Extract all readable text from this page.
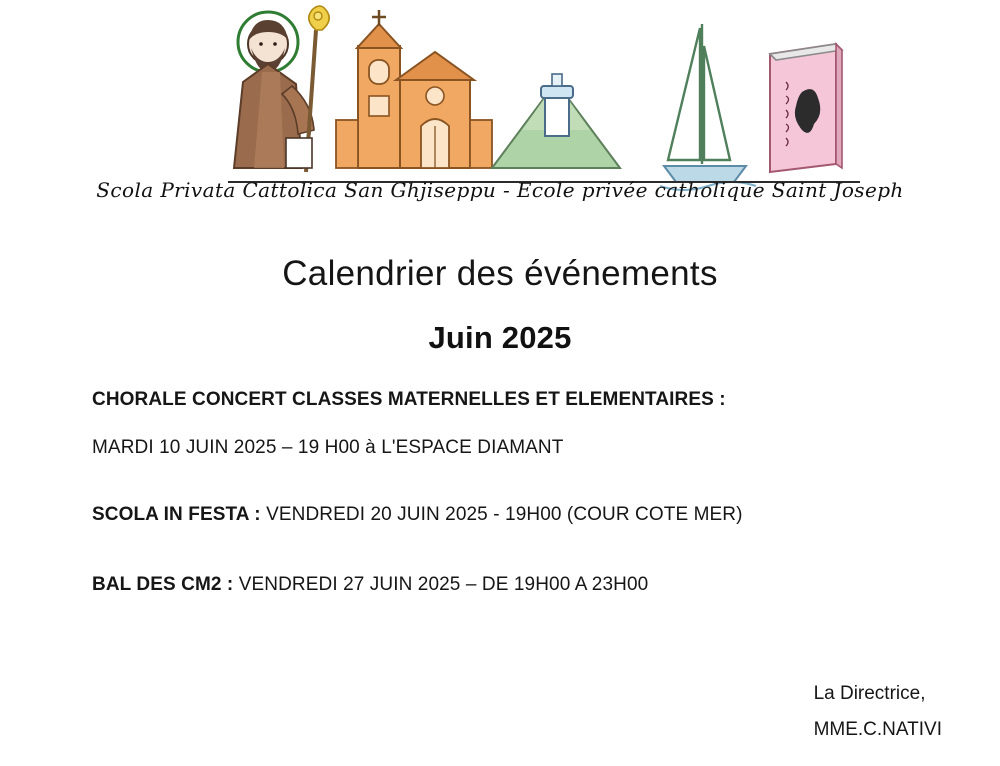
Scola Privata Cattolica San Ghjiseppu - Ecole privée catholique Saint Joseph
Calendrier des événements
Juin 2025
CHORALE CONCERT CLASSES MATERNELLES ET ELEMENTAIRES :
MARDI 10 JUIN 2025 – 19 H00 à L'ESPACE DIAMANT
SCOLA IN FESTA : VENDREDI 20 JUIN 2025 - 19H00 (COUR COTE MER)
BAL DES CM2 : VENDREDI 27 JUIN 2025 – DE 19H00 A 23H00
La Directrice,
MME.C.NATIVI
